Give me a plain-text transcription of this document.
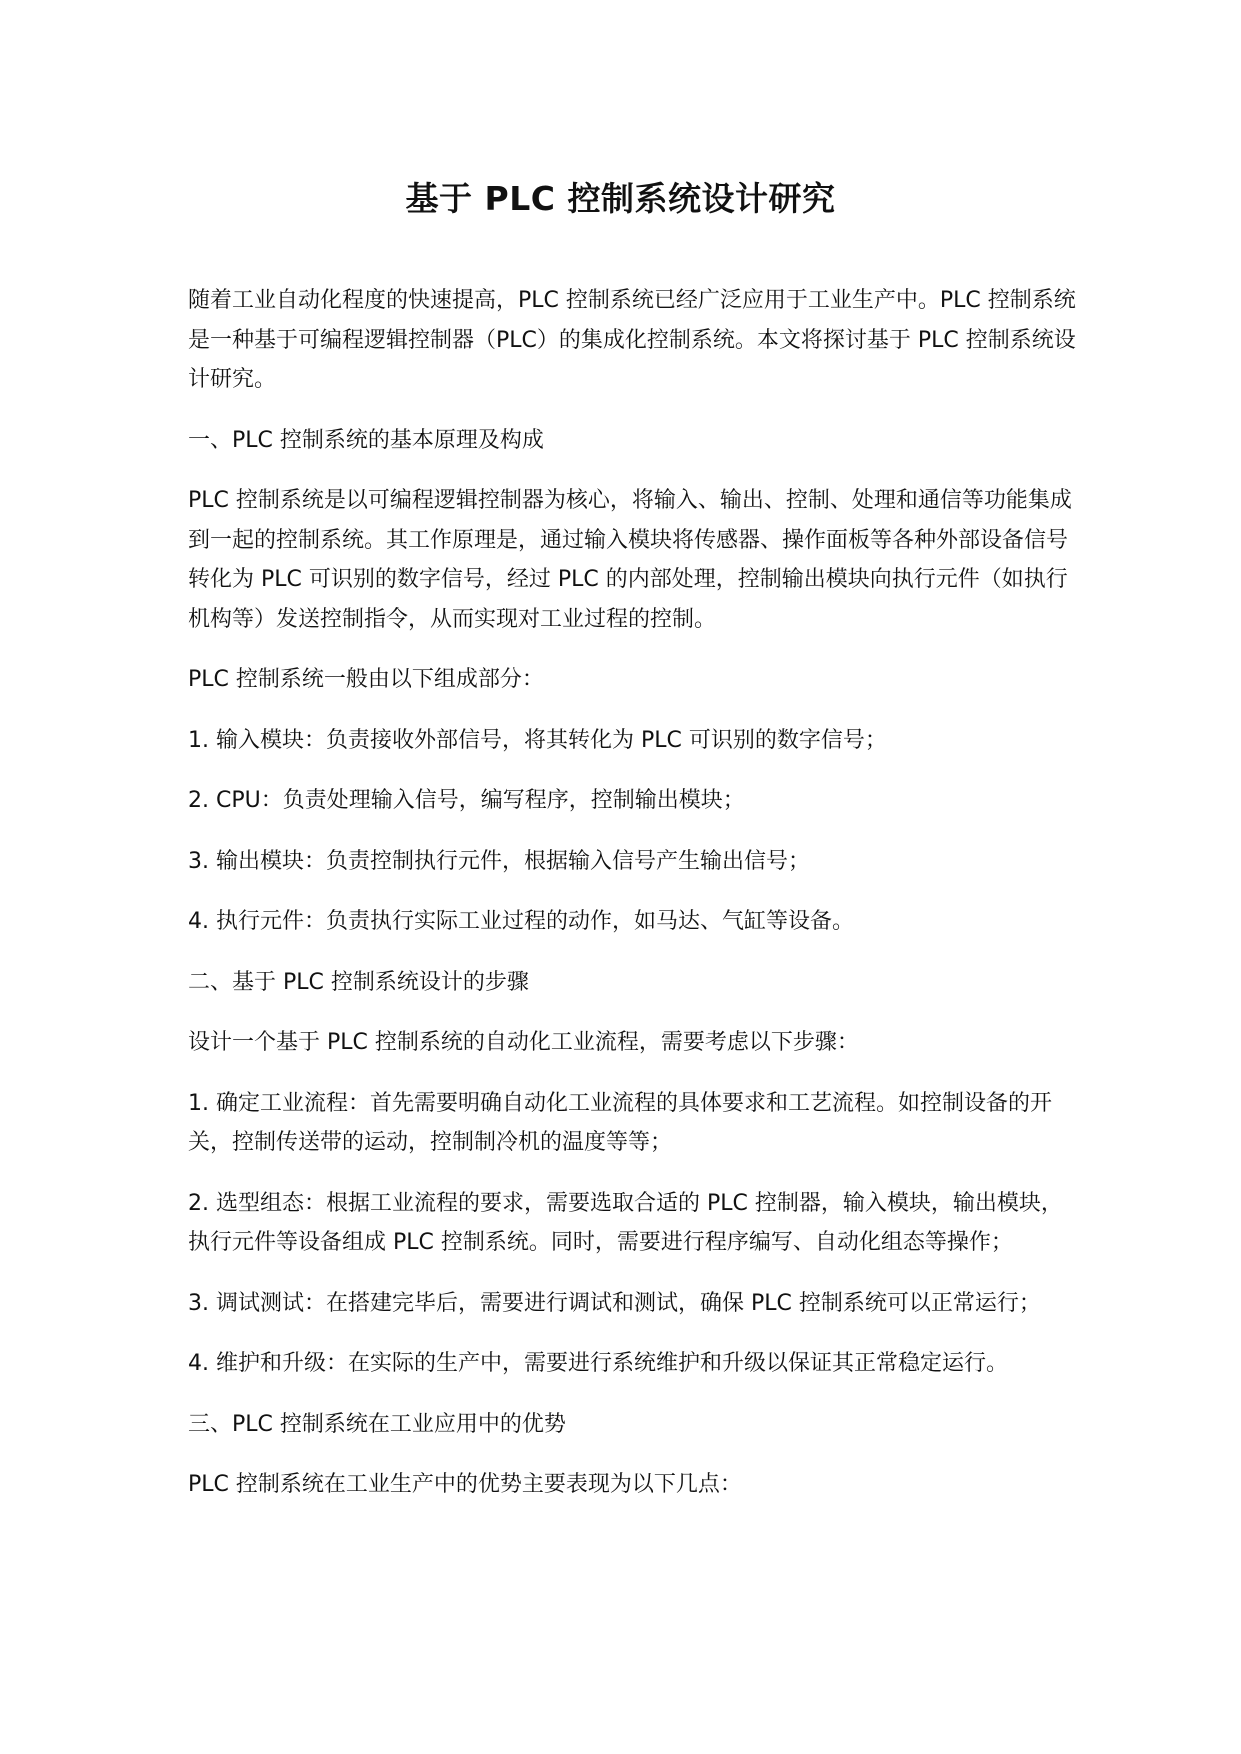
基于 PLC 控制系统设计研究

随着工业自动化程度的快速提高，PLC 控制系统已经广泛应用于工业生产中。PLC 控制系统是一种基于可编程逻辑控制器（PLC）的集成化控制系统。本文将探讨基于 PLC 控制系统设计研究。

一、PLC 控制系统的基本原理及构成

PLC 控制系统是以可编程逻辑控制器为核心，将输入、输出、控制、处理和通信等功能集成到一起的控制系统。其工作原理是，通过输入模块将传感器、操作面板等各种外部设备信号转化为 PLC 可识别的数字信号，经过 PLC 的内部处理，控制输出模块向执行元件（如执行机构等）发送控制指令，从而实现对工业过程的控制。

PLC 控制系统一般由以下组成部分：

1. 输入模块：负责接收外部信号，将其转化为 PLC 可识别的数字信号；

2. CPU：负责处理输入信号，编写程序，控制输出模块；

3. 输出模块：负责控制执行元件，根据输入信号产生输出信号；

4. 执行元件：负责执行实际工业过程的动作，如马达、气缸等设备。

二、基于 PLC 控制系统设计的步骤

设计一个基于 PLC 控制系统的自动化工业流程，需要考虑以下步骤：

1. 确定工业流程：首先需要明确自动化工业流程的具体要求和工艺流程。如控制设备的开关，控制传送带的运动，控制制冷机的温度等等；

2. 选型组态：根据工业流程的要求，需要选取合适的 PLC 控制器，输入模块，输出模块，执行元件等设备组成 PLC 控制系统。同时，需要进行程序编写、自动化组态等操作；

3. 调试测试：在搭建完毕后，需要进行调试和测试，确保 PLC 控制系统可以正常运行；

4. 维护和升级：在实际的生产中，需要进行系统维护和升级以保证其正常稳定运行。

三、PLC 控制系统在工业应用中的优势

PLC 控制系统在工业生产中的优势主要表现为以下几点：
